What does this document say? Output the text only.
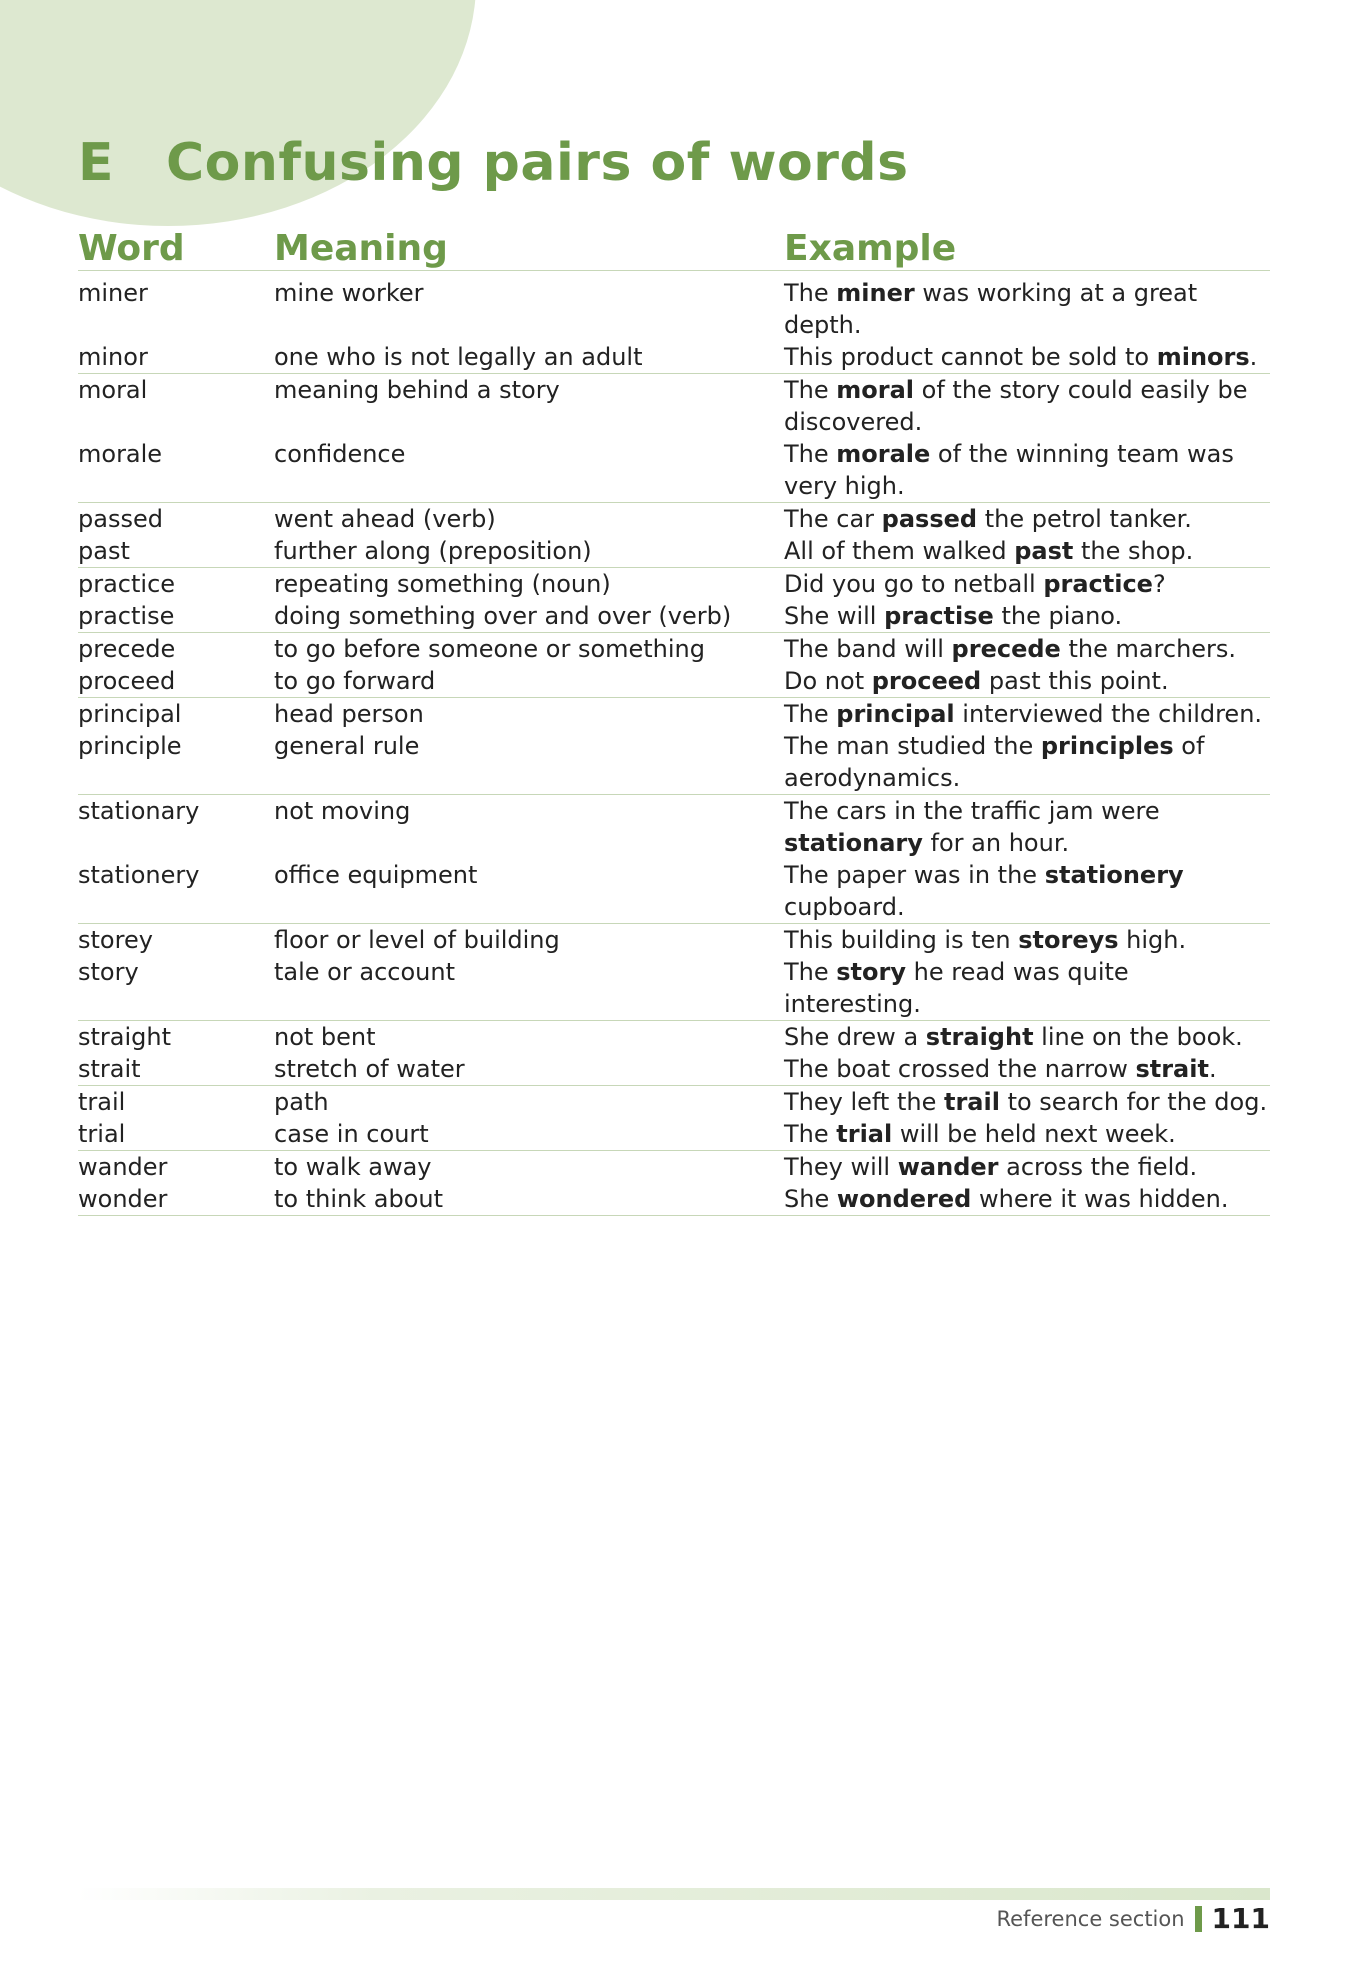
E Confusing pairs of words
Word Meaning	Example
miner	mine worker	The miner was working at a great depth.
minor	one who is not legally an adult	This product cannot be sold to minors.
moral	meaning behind a story	The moral of the story could easily be discovered.
morale	confidence	The morale of the winning team was very high.
passed	went ahead (verb)	The car passed the petrol tanker.
past	further along (preposition)	All of them walked past the shop.
practice	repeating something (noun)	Did you go to netball practice?
practise	doing something over and over (verb)	She will practise the piano.
precede	to go before someone or something	The band will precede the marchers.
proceed	to go forward	Do not proceed past this point.
principal	head person	The principal interviewed the children.
principle	general rule	The man studied the principles of aerodynamics.
stationary	not moving	The cars in the traffic jam were stationary for an hour.
stationery	office equipment	The paper was in the stationery cupboard.
storey	floor or level of building	This building is ten storeys high.
story	tale or account	The story he read was quite interesting.
straight	not bent	She drew a straight line on the book.
strait	stretch of water	The boat crossed the narrow strait.
trail	path	They left the trail to search for the dog.
trial	case in court	The trial will be held next week.
wander	to walk away	They will wander across the field.
wonder	to think about	She wondered where it was hidden.
Reference section 111
